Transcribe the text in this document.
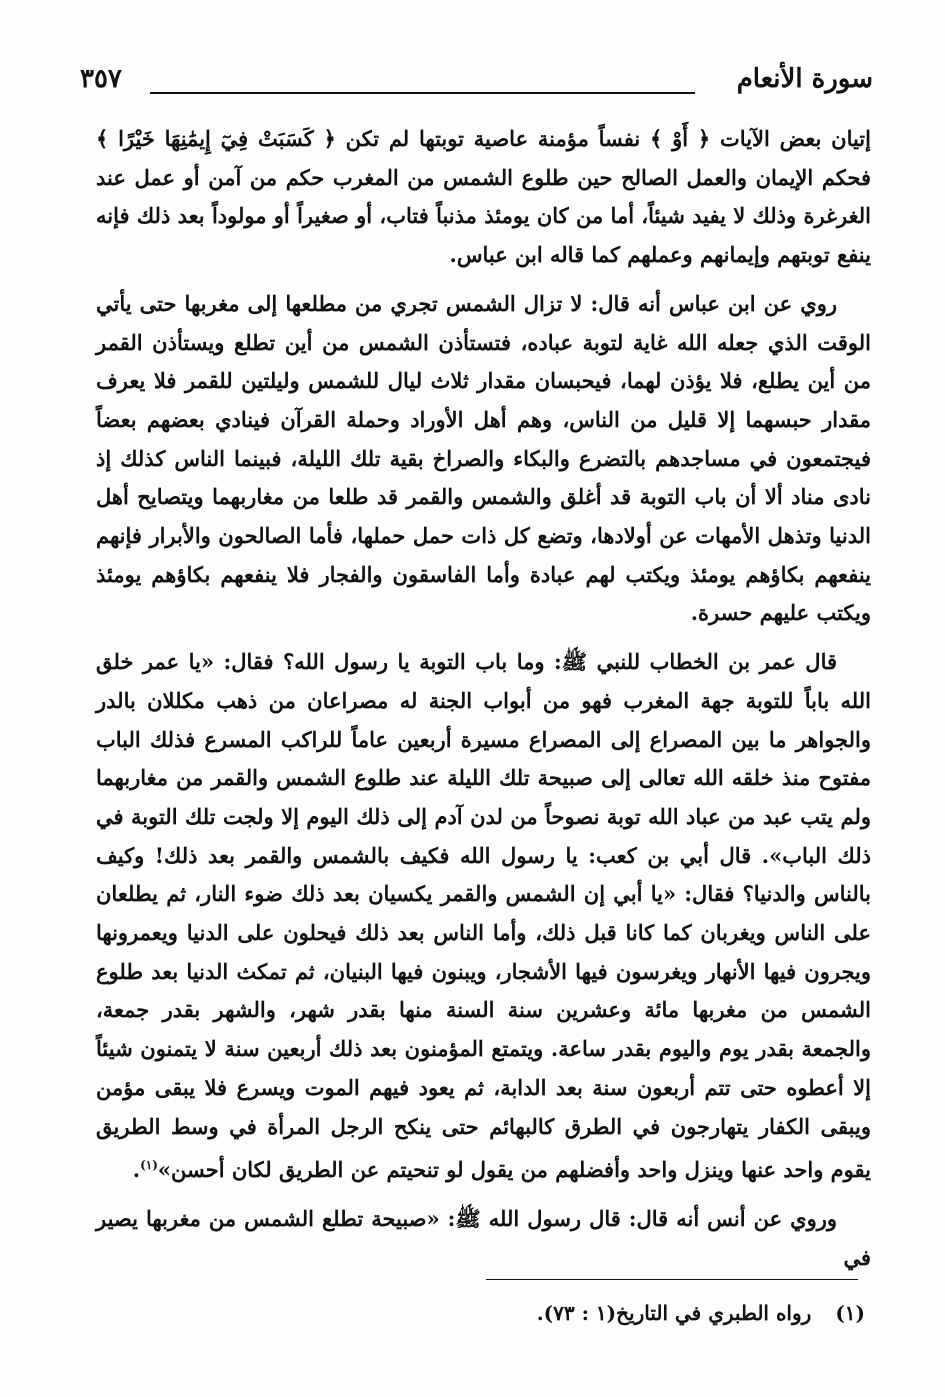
سورة الأنعام
٣٥٧

إتيان بعض الآيات ﴿ أَوْ ﴾ نفساً مؤمنة عاصية توبتها لم تكن ﴿ كَسَبَتْ فِيٓ إِيمَٰنِهَا خَيْرًا ﴾ فحكم الإيمان والعمل الصالح حين طلوع الشمس من المغرب حكم من آمن أو عمل عند الغرغرة وذلك لا يفيد شيئاً، أما من كان يومئذ مذنباً فتاب، أو صغيراً أو مولوداً بعد ذلك فإنه ينفع توبتهم وإيمانهم وعملهم كما قاله ابن عباس.

روي عن ابن عباس أنه قال: لا تزال الشمس تجري من مطلعها إلى مغربها حتى يأتي الوقت الذي جعله الله غاية لتوبة عباده، فتستأذن الشمس من أين تطلع ويستأذن القمر من أين يطلع، فلا يؤذن لهما، فيحبسان مقدار ثلاث ليال للشمس وليلتين للقمر فلا يعرف مقدار حبسهما إلا قليل من الناس، وهم أهل الأوراد وحملة القرآن فينادي بعضهم بعضاً فيجتمعون في مساجدهم بالتضرع والبكاء والصراخ بقية تلك الليلة، فبينما الناس كذلك إذ نادى مناد ألا أن باب التوبة قد أغلق والشمس والقمر قد طلعا من مغاربهما ويتصايح أهل الدنيا وتذهل الأمهات عن أولادها، وتضع كل ذات حمل حملها، فأما الصالحون والأبرار فإنهم ينفعهم بكاؤهم يومئذ ويكتب لهم عبادة وأما الفاسقون والفجار فلا ينفعهم بكاؤهم يومئذ ويكتب عليهم حسرة.

قال عمر بن الخطاب للنبي ﷺ: وما باب التوبة يا رسول الله؟ فقال: «يا عمر خلق الله باباً للتوبة جهة المغرب فهو من أبواب الجنة له مصراعان من ذهب مكللان بالدر والجواهر ما بين المصراع إلى المصراع مسيرة أربعين عاماً للراكب المسرع فذلك الباب مفتوح منذ خلقه الله تعالى إلى صبيحة تلك الليلة عند طلوع الشمس والقمر من مغاربهما ولم يتب عبد من عباد الله توبة نصوحاً من لدن آدم إلى ذلك اليوم إلا ولجت تلك التوبة في ذلك الباب». قال أبي بن كعب: يا رسول الله فكيف بالشمس والقمر بعد ذلك! وكيف بالناس والدنيا؟ فقال: «يا أبي إن الشمس والقمر يكسيان بعد ذلك ضوء النار، ثم يطلعان على الناس ويغربان كما كانا قبل ذلك، وأما الناس بعد ذلك فيحلون على الدنيا ويعمرونها ويجرون فيها الأنهار ويغرسون فيها الأشجار، ويبنون فيها البنيان، ثم تمكث الدنيا بعد طلوع الشمس من مغربها مائة وعشرين سنة السنة منها بقدر شهر، والشهر بقدر جمعة، والجمعة بقدر يوم واليوم بقدر ساعة. ويتمتع المؤمنون بعد ذلك أربعين سنة لا يتمنون شيئاً إلا أعطوه حتى تتم أربعون سنة بعد الدابة، ثم يعود فيهم الموت ويسرع فلا يبقى مؤمن ويبقى الكفار يتهارجون في الطرق كالبهائم حتى ينكح الرجل المرأة في وسط الطريق يقوم واحد عنها وينزل واحد وأفضلهم من يقول لو تنحيتم عن الطريق لكان أحسن»$^{(١)}$.

وروي عن أنس أنه قال: قال رسول الله ﷺ: «صبيحة تطلع الشمس من مغربها يصير في

(١)رواه الطبري في التاريخ(١ : ٧٣).
